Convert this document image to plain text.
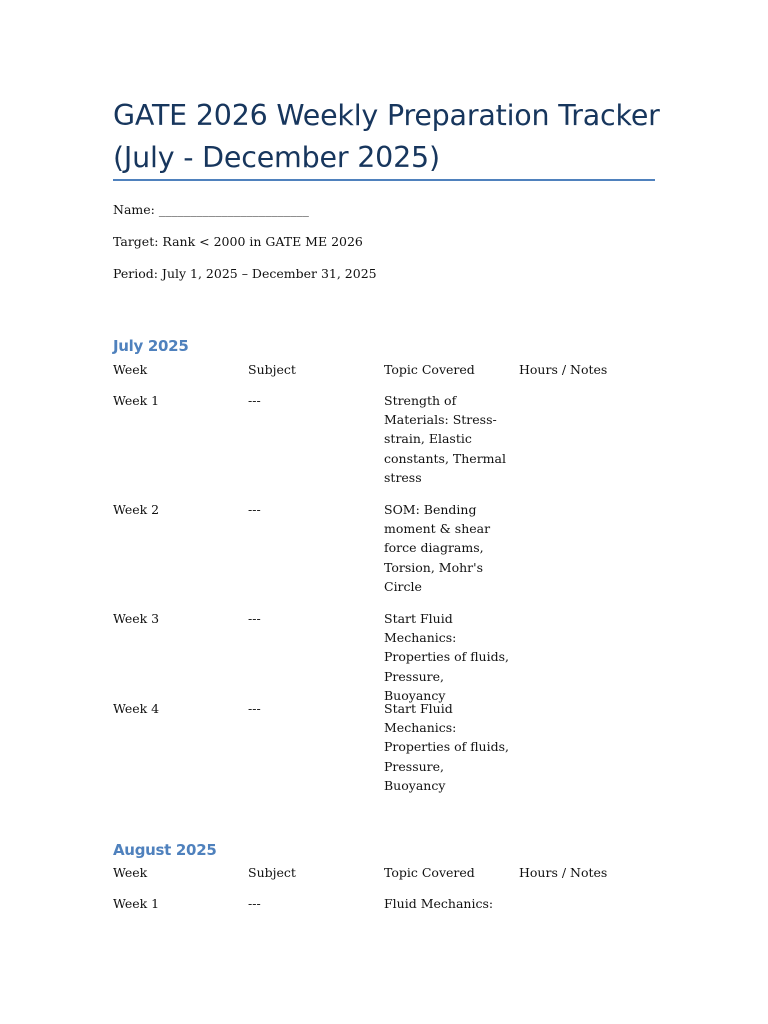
GATE 2026 Weekly Preparation Tracker (July - December 2025)

Name: ________________________

Target: Rank < 2000 in GATE ME 2026

Period: July 1, 2025 – December 31, 2025

July 2025
Week	Subject	Topic Covered	Hours / Notes
Week 1	---	Strength of Materials: Stress-strain, Elastic constants, Thermal stress
Week 2	---	SOM: Bending moment & shear force diagrams, Torsion, Mohr's Circle
Week 3	---	Start Fluid Mechanics: Properties of fluids, Pressure, Buoyancy
Week 4	---	Start Fluid Mechanics: Properties of fluids, Pressure, Buoyancy
August 2025
Week	Subject	Topic Covered	Hours / Notes
Week 1	---	Fluid Mechanics:
